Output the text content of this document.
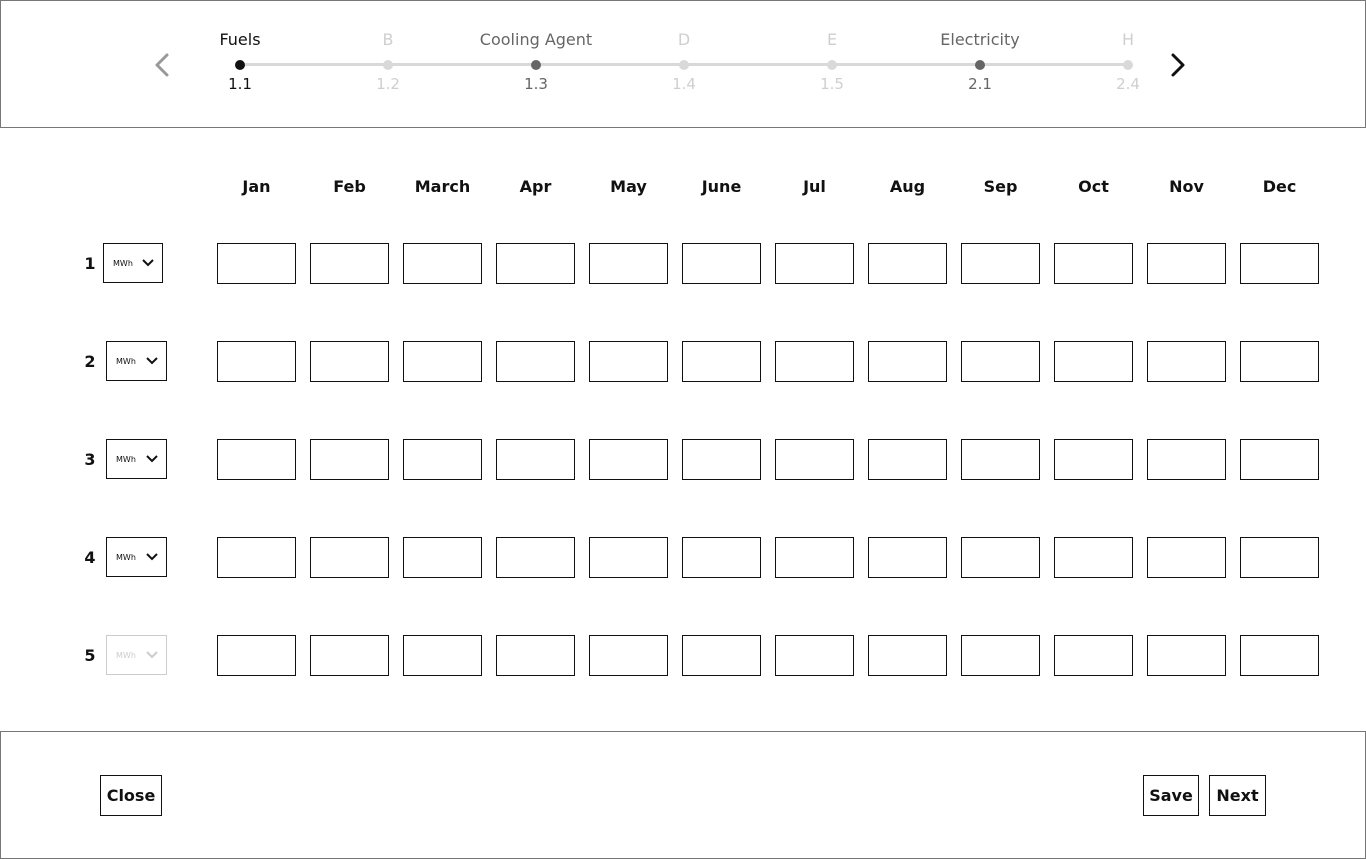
Fuels
1.1
B
1.2
Cooling Agent
1.3
D
1.4
E
1.5
Electricity
2.1
H
2.4
Jan	Feb	March	Apr	May	June	Jul	Aug	Sep	Oct	Nov	Dec
1 MWh
2	MWh
3	MWh
4	MWh
5	MWh
Close	Save	Next
